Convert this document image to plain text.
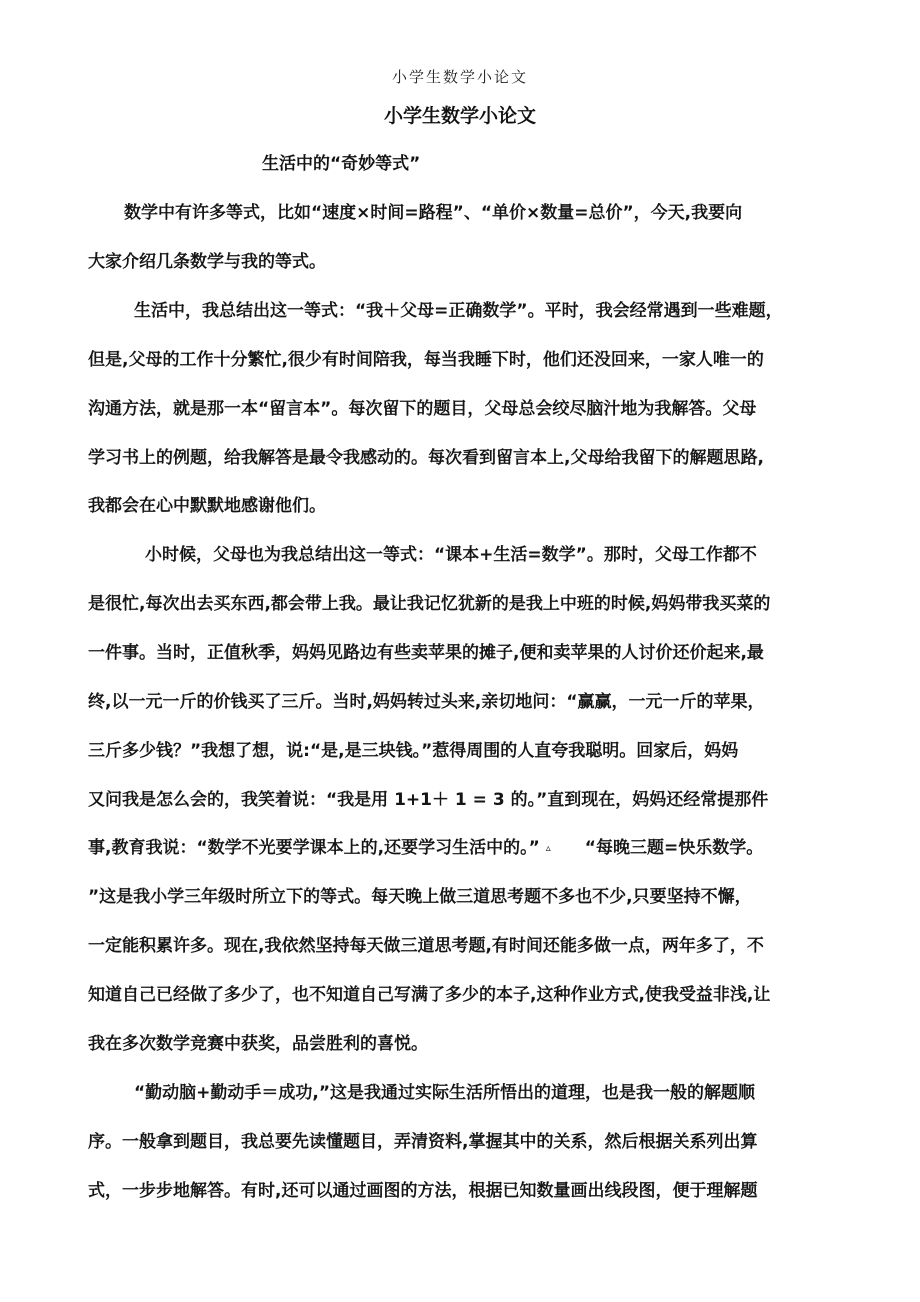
小学生数学小论文
小学生数学小论文
生活中的“奇妙等式”
数学中有许多等式，比如“速度×时间=路程”、“单价×数量=总价”，今天,我要向
大家介绍几条数学与我的等式。
生活中，我总结出这一等式：“我＋父母=正确数学”。平时，我会经常遇到一些难题，
但是,父母的工作十分繁忙,很少有时间陪我，每当我睡下时，他们还没回来，一家人唯一的
沟通方法，就是那一本“留言本”。每次留下的题目，父母总会绞尽脑汁地为我解答。父母
学习书上的例题，给我解答是最令我感动的。每次看到留言本上,父母给我留下的解题思路,
我都会在心中默默地感谢他们。
小时候，父母也为我总结出这一等式：“课本+生活=数学”。那时，父母工作都不
是很忙,每次出去买东西,都会带上我。最让我记忆犹新的是我上中班的时候,妈妈带我买菜的
一件事。当时，正值秋季，妈妈见路边有些卖苹果的摊子,便和卖苹果的人讨价还价起来,最
终,以一元一斤的价钱买了三斤。当时,妈妈转过头来,亲切地问：“赢赢，一元一斤的苹果，
三斤多少钱？”我想了想，说:“是,是三块钱。”惹得周围的人直夸我聪明。回家后，妈妈
又问我是怎么会的，我笑着说：“我是用 1+1＋ 1 = 3 的。”直到现在，妈妈还经常提那件
事,教育我说：“数学不光要学课本上的,还要学习生活中的。” ▵ “每晚三题=快乐数学。
”这是我小学三年级时所立下的等式。每天晚上做三道思考题不多也不少,只要坚持不懈，
一定能积累许多。现在,我依然坚持每天做三道思考题,有时间还能多做一点，两年多了，不
知道自己已经做了多少了，也不知道自己写满了多少的本子,这种作业方式,使我受益非浅,让
我在多次数学竞赛中获奖，品尝胜利的喜悦。
“勤动脑+勤动手＝成功,”这是我通过实际生活所悟出的道理，也是我一般的解题顺
序。一般拿到题目，我总要先读懂题目，弄清资料,掌握其中的关系，然后根据关系列出算
式，一步步地解答。有时,还可以通过画图的方法，根据已知数量画出线段图，便于理解题
